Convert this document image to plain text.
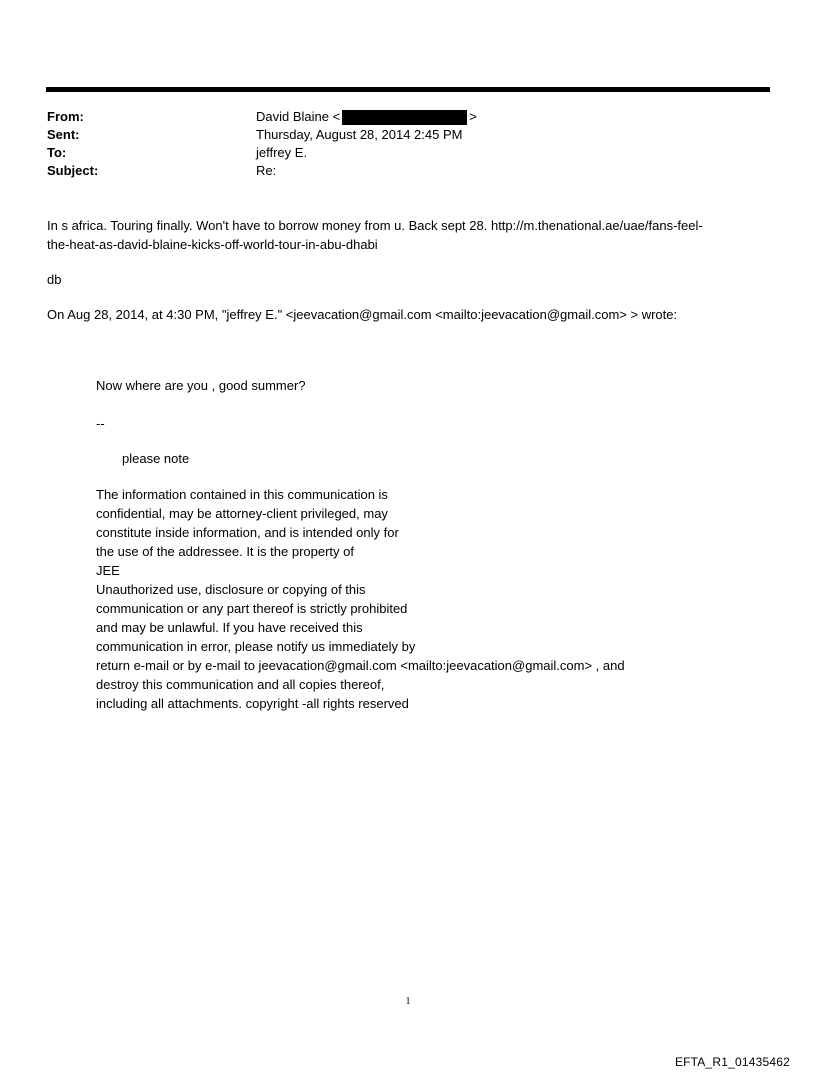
From:	David Blaine <	>
Sent:	Thursday, August 28, 2014 2:45 PM
To:	jeffrey E.
Subject:	Re:
In s africa. Touring finally. Won't have to borrow money from u. Back sept 28. http://m.thenational.ae/uae/fans-feel-
the-heat-as-david-blaine-kicks-off-world-tour-in-abu-dhabi
db
On Aug 28, 2014, at 4:30 PM, "jeffrey E." <jeevacation@gmail.com <mailto:jeevacation@gmail.com> > wrote:
Now where are you , good summer?
--
please note
The information contained in this communication is
confidential, may be attorney-client privileged, may
constitute inside information, and is intended only for
the use of the addressee. It is the property of
JEE
Unauthorized use, disclosure or copying of this
communication or any part thereof is strictly prohibited
and may be unlawful. If you have received this
communication in error, please notify us immediately by
return e-mail or by e-mail to jeevacation@gmail.com <mailto:jeevacation@gmail.com> , and
destroy this communication and all copies thereof,
including all attachments. copyright -all rights reserved
1
EFTA_R1_01435462
